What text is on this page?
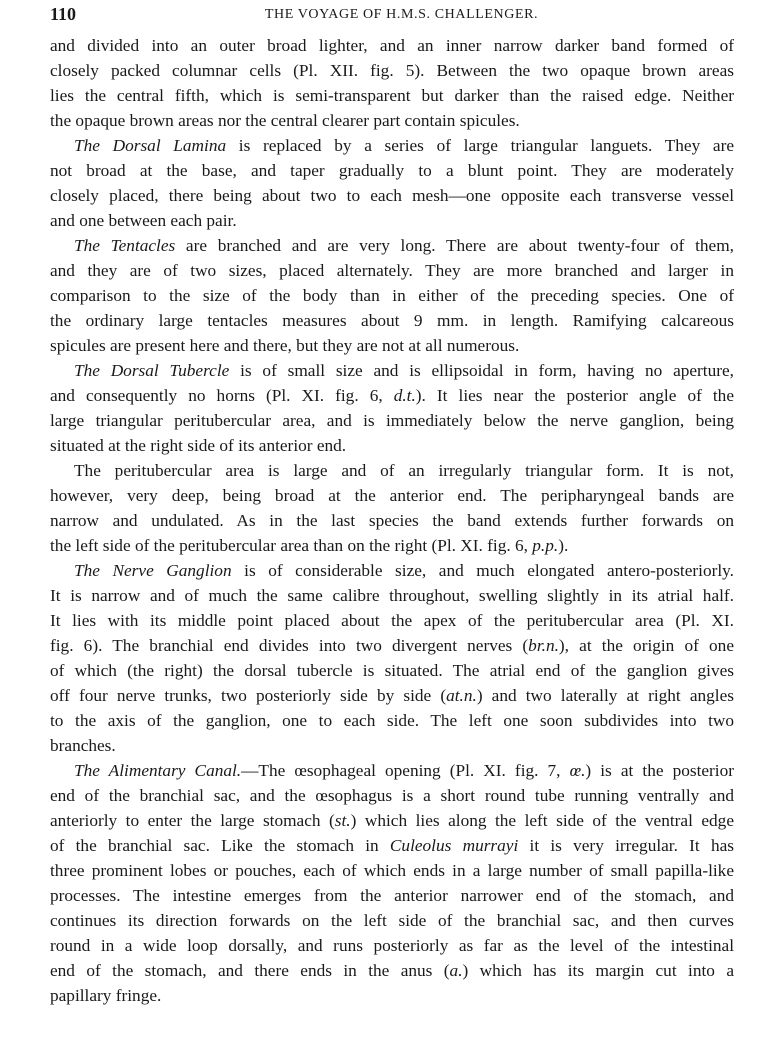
110	THE VOYAGE OF H.M.S. CHALLENGER.
and divided into an outer broad lighter, and an inner narrow darker band formed of
closely packed columnar cells (Pl. XII. fig. 5). Between the two opaque brown areas
lies the central fifth, which is semi-transparent but darker than the raised edge. Neither
the opaque brown areas nor the central clearer part contain spicules.
The Dorsal Lamina is replaced by a series of large triangular languets. They are
not broad at the base, and taper gradually to a blunt point. They are moderately
closely placed, there being about two to each mesh—one opposite each transverse vessel
and one between each pair.
The Tentacles are branched and are very long. There are about twenty-four of them,
and they are of two sizes, placed alternately. They are more branched and larger in
comparison to the size of the body than in either of the preceding species. One of
the ordinary large tentacles measures about 9 mm. in length. Ramifying calcareous
spicules are present here and there, but they are not at all numerous.
The Dorsal Tubercle is of small size and is ellipsoidal in form, having no aperture,
and consequently no horns (Pl. XI. fig. 6, d.t.). It lies near the posterior angle of the
large triangular peritubercular area, and is immediately below the nerve ganglion, being
situated at the right side of its anterior end.
The peritubercular area is large and of an irregularly triangular form. It is not,
however, very deep, being broad at the anterior end. The peripharyngeal bands are
narrow and undulated. As in the last species the band extends further forwards on
the left side of the peritubercular area than on the right (Pl. XI. fig. 6, p.p.).
The Nerve Ganglion is of considerable size, and much elongated antero-posteriorly.
It is narrow and of much the same calibre throughout, swelling slightly in its atrial half.
It lies with its middle point placed about the apex of the peritubercular area (Pl. XI.
fig. 6). The branchial end divides into two divergent nerves (br.n.), at the origin of one
of which (the right) the dorsal tubercle is situated. The atrial end of the ganglion gives
off four nerve trunks, two posteriorly side by side (at.n.) and two laterally at right angles
to the axis of the ganglion, one to each side. The left one soon subdivides into two
branches.
The Alimentary Canal.—The œsophageal opening (Pl. XI. fig. 7, œ.) is at the posterior
end of the branchial sac, and the œsophagus is a short round tube running ventrally and
anteriorly to enter the large stomach (st.) which lies along the left side of the ventral edge
of the branchial sac. Like the stomach in Culeolus murrayi it is very irregular. It has
three prominent lobes or pouches, each of which ends in a large number of small papilla-like
processes. The intestine emerges from the anterior narrower end of the stomach, and
continues its direction forwards on the left side of the branchial sac, and then curves
round in a wide loop dorsally, and runs posteriorly as far as the level of the intestinal
end of the stomach, and there ends in the anus (a.) which has its margin cut into a
papillary fringe.
